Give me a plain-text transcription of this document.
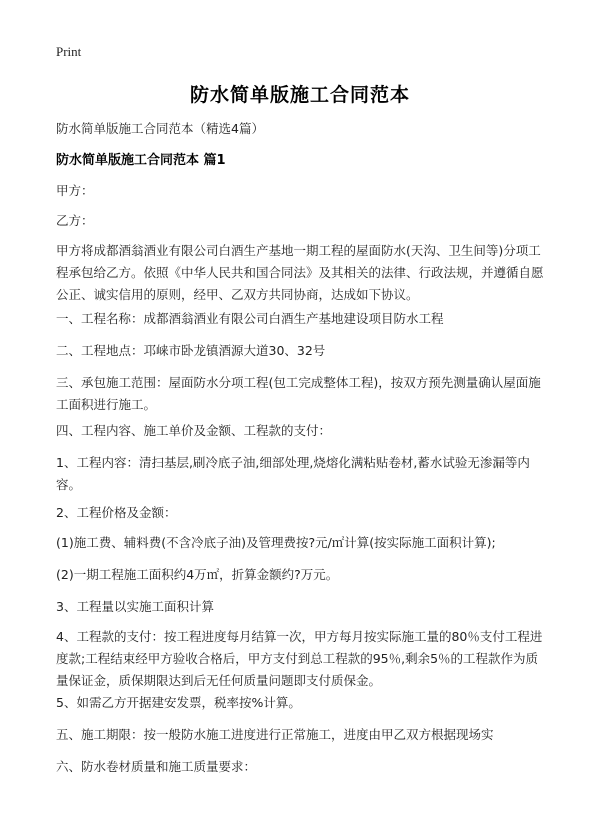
Print
防水简单版施工合同范本
防水简单版施工合同范本（精选4篇）
防水简单版施工合同范本 篇1
甲方：
乙方：
甲方将成都酒翁酒业有限公司白酒生产基地一期工程的屋面防水(天沟、卫生间等)分项工程承包给乙方。依照《中华人民共和国合同法》及其相关的法律、行政法规，并遵循自愿公正、诚实信用的原则，经甲、乙双方共同协商，达成如下协议。
一、工程名称：成都酒翁酒业有限公司白酒生产基地建设项目防水工程
二、工程地点：邛崃市卧龙镇酒源大道30、32号
三、承包施工范围：屋面防水分项工程(包工完成整体工程)，按双方预先测量确认屋面施工面积进行施工。
四、工程内容、施工单价及金额、工程款的支付：
1、工程内容：清扫基层,刷冷底子油,细部处理,烧熔化满粘贴卷材,蓄水试验无渗漏等内容。
2、工程价格及金额：
(1)施工费、辅料费(不含冷底子油)及管理费按?元/㎡计算(按实际施工面积计算);
(2)一期工程施工面积约4万㎡，折算金额约?万元。
3、工程量以实施工面积计算
4、工程款的支付：按工程进度每月结算一次，甲方每月按实际施工量的80％支付工程进度款;工程结束经甲方验收合格后，甲方支付到总工程款的95％,剩余5％的工程款作为质量保证金，质保期限达到后无任何质量问题即支付质保金。
5、如需乙方开据建安发票，税率按%计算。
五、施工期限：按一般防水施工进度进行正常施工，进度由甲乙双方根据现场实
六、防水卷材质量和施工质量要求：
